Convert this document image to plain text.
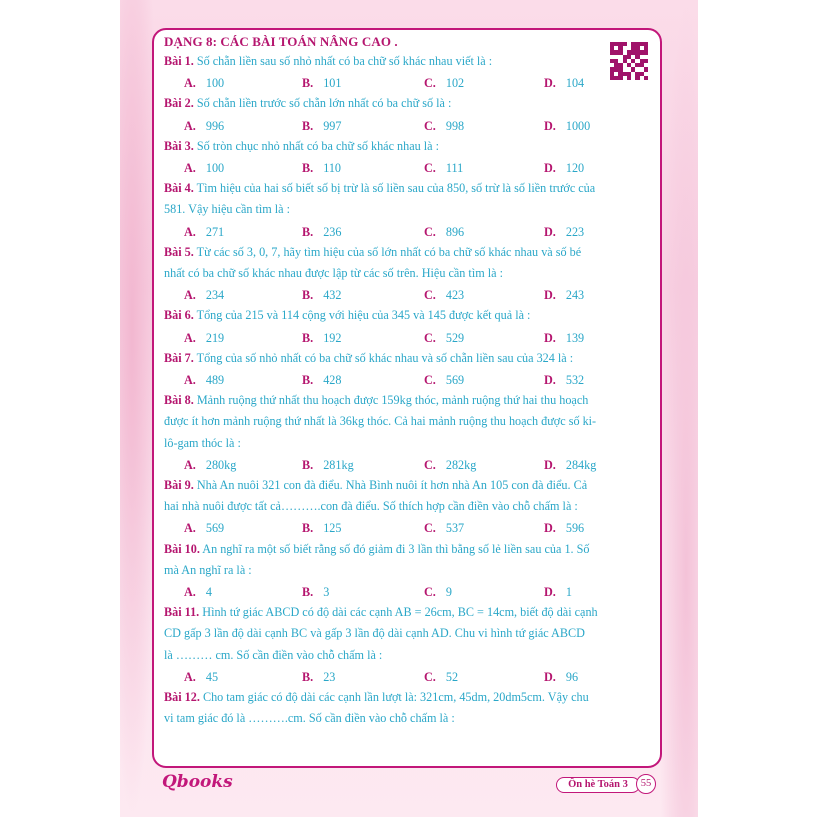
DẠNG 8: CÁC BÀI TOÁN NÂNG CAO .
Bài 1. Số chẵn liền sau số nhỏ nhất có ba chữ số khác nhau viết là :
A. 100	B. 101	C. 102	D. 104
Bài 2. Số chẵn liền trước số chẵn lớn nhất có ba chữ số là :
A. 996	B. 997	C. 998	D. 1000
Bài 3. Số tròn chục nhỏ nhất có ba chữ số khác nhau là :
A. 100	B. 110	C. 111	D. 120
Bài 4. Tìm hiệu của hai số biết số bị trừ là số liền sau của 850, số trừ là số liền trước của
581. Vậy hiệu cần tìm là :
A. 271	B. 236	C. 896	D. 223
Bài 5. Từ các số 3, 0, 7, hãy tìm hiệu của số lớn nhất có ba chữ số khác nhau và số bé
nhất có ba chữ số khác nhau được lập từ các số trên. Hiệu cần tìm là :
A. 234	B. 432	C. 423	D. 243
Bài 6. Tổng của 215 và 114 cộng với hiệu của 345 và 145 được kết quả là :
A. 219	B. 192	C. 529	D. 139
Bài 7. Tổng của số nhỏ nhất có ba chữ số khác nhau và số chẵn liền sau của 324 là :
A. 489	B. 428	C. 569	D. 532
Bài 8. Mảnh ruộng thứ nhất thu hoạch được 159kg thóc, mảnh ruộng thứ hai thu hoạch
được ít hơn mảnh ruộng thứ nhất là 36kg thóc. Cả hai mảnh ruộng thu hoạch được số ki-
lô-gam thóc là :
A. 280kg	B. 281kg	C. 282kg	D. 284kg
Bài 9. Nhà An nuôi 321 con đà điểu. Nhà Bình nuôi ít hơn nhà An 105 con đà điểu. Cả
hai nhà nuôi được tất cả……….con đà điểu. Số thích hợp cần điền vào chỗ chấm là :
A. 569	B. 125	C. 537	D. 596
Bài 10. An nghĩ ra một số biết rằng số đó giảm đi 3 lần thì bằng số lẻ liền sau của 1. Số
mà An nghĩ ra là :
A. 4	B. 3	C. 9	D. 1
Bài 11. Hình tứ giác ABCD có độ dài các cạnh AB = 26cm, BC = 14cm, biết độ dài cạnh
CD gấp 3 lần độ dài cạnh BC và gấp 3 lần độ dài cạnh AD. Chu vi hình tứ giác ABCD
là ……… cm. Số cần điền vào chỗ chấm là :
A. 45	B. 23	C. 52	D. 96
Bài 12. Cho tam giác có độ dài các cạnh lần lượt là: 321cm, 45dm, 20dm5cm. Vậy chu
vi tam giác đó là ……….cm. Số cần điền vào chỗ chấm là :
Qbooks	Ôn hè Toán 3	55
